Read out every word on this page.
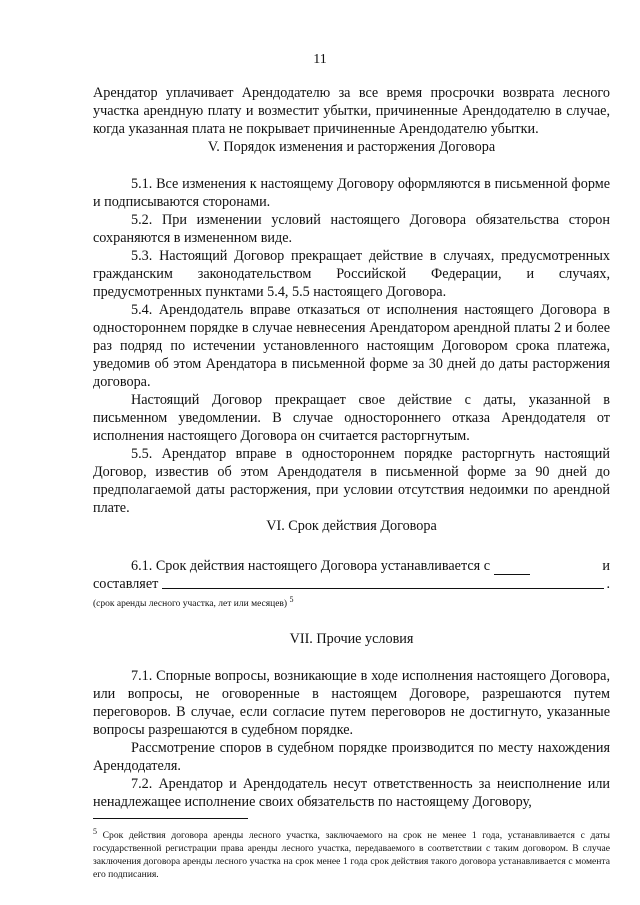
11

Арендатор уплачивает Арендодателю за все время просрочки возврата лесного участка арендную плату и возместит убытки, причиненные Арендодателю в случае, когда указанная плата не покрывает причиненные Арендодателю убытки.

V. Порядок изменения и расторжения Договора

5.1. Все изменения к настоящему Договору оформляются в письменной форме и подписываются сторонами.

5.2. При изменении условий настоящего Договора обязательства сторон сохраняются в измененном виде.

5.3. Настоящий Договор прекращает действие в случаях, предусмотренных гражданским законодательством Российской Федерации, и случаях, предусмотренных пунктами 5.4, 5.5 настоящего Договора.

5.4. Арендодатель вправе отказаться от исполнения настоящего Договора в одностороннем порядке в случае невнесения Арендатором арендной платы 2 и более раз подряд по истечении установленного настоящим Договором срока платежа, уведомив об этом Арендатора в письменной форме за 30 дней до даты расторжения договора.

Настоящий Договор прекращает свое действие с даты, указанной в письменном уведомлении. В случае одностороннего отказа Арендодателя от исполнения настоящего Договора он считается расторгнутым.

5.5. Арендатор вправе в одностороннем порядке расторгнуть настоящий Договор, известив об этом Арендодателя в письменной форме за 90 дней до предполагаемой даты расторжения, при условии отсутствия недоимки по арендной плате.

VI. Срок действия Договора

6.1. Срок действия настоящего Договора устанавливается с
	и

составляет	.

(срок аренды лесного участка, лет или месяцев) $^5$

VII. Прочие условия

7.1. Спорные вопросы, возникающие в ходе исполнения настоящего Договора, или вопросы, не оговоренные в настоящем Договоре, разрешаются путем переговоров. В случае, если согласие путем переговоров не достигнуто, указанные вопросы разрешаются в судебном порядке.

Рассмотрение споров в судебном порядке производится по месту нахождения Арендодателя.

7.2. Арендатор и Арендодатель несут ответственность за неисполнение или ненадлежащее исполнение своих обязательств по настоящему Договору,

$^5$ Срок действия договора аренды лесного участка, заключаемого на срок не менее 1 года, устанавливается с даты государственной регистрации права аренды лесного участка, передаваемого в соответствии с таким договором. В случае заключения договора аренды лесного участка на срок менее 1 года срок действия такого договора устанавливается с момента его подписания.
